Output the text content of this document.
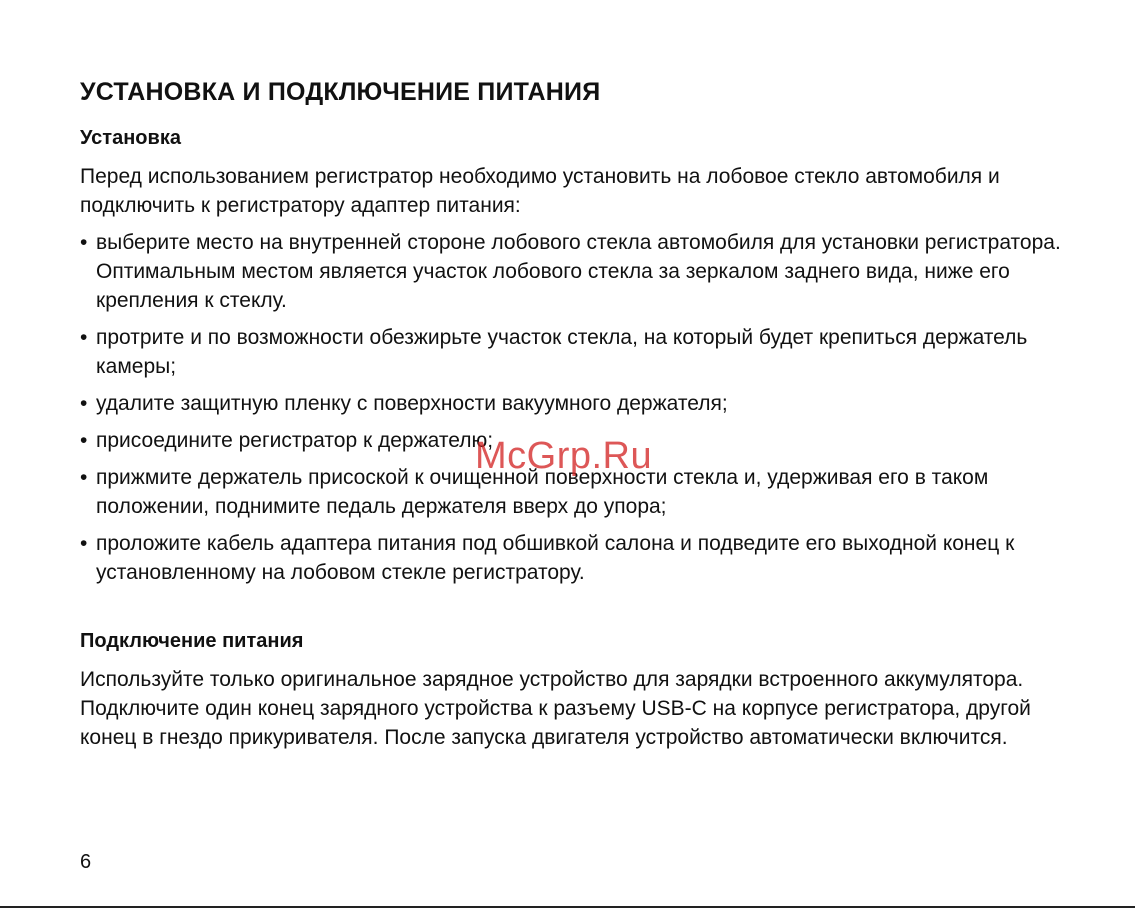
УСТАНОВКА И ПОДКЛЮЧЕНИЕ ПИТАНИЯ
Установка

Перед использованием регистратор необходимо установить на лобовое стекло автомобиля и подключить к регистратору адаптер питания:

• выберите место на внутренней стороне лобового стекла автомобиля для установки регистратора. Оптимальным местом является участок лобового стекла за зеркалом заднего вида, ниже его крепления к стеклу.
• протрите и по возможности обезжирьте участок стекла, на который будет крепиться держатель камеры;
• удалите защитную пленку с поверхности вакуумного держателя;
• присоедините регистратор к держателю;
• прижмите держатель присоской к очищенной поверхности стекла и, удерживая его в таком положении, поднимите педаль держателя вверх до упора;
• проложите кабель адаптера питания под обшивкой салона и подведите его выходной конец к установленному на лобовом стекле регистратору.
Подключение питания

Используйте только оригинальное зарядное устройство для зарядки встроенного аккумулятора. Подключите один конец зарядного устройства к разъему USB-C на корпусе регистратора, другой конец в гнездо прикуривателя. После запуска двигателя устройство автоматически включится.

McGrp.Ru
6
